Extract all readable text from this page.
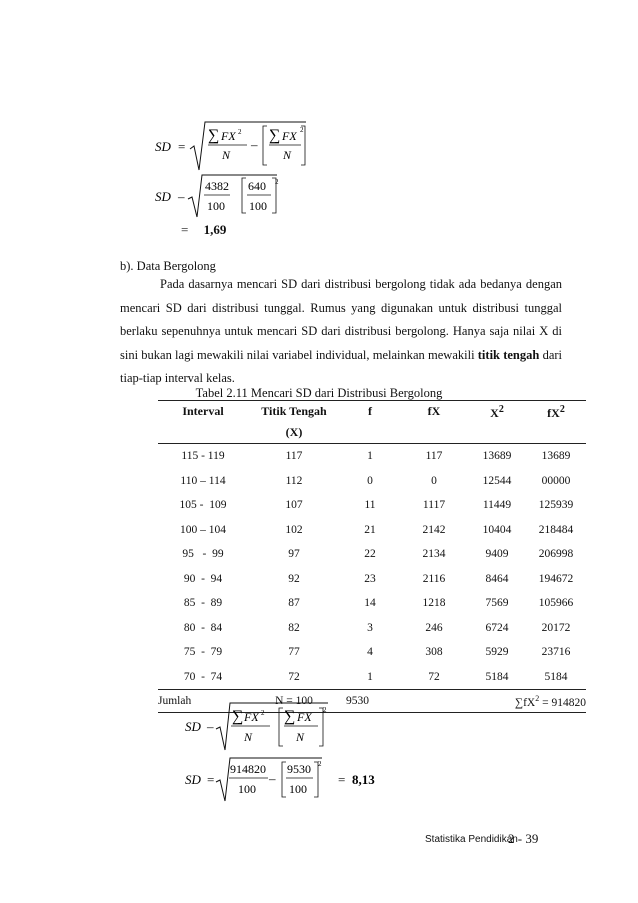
SD =
∑ FX 2
N
–
∑ FX
N
2
SD –
4382
100
640
100
2
= 1,69
b). Data Bergolong

Pada dasarnya mencari SD dari distribusi bergolong tidak ada bedanya dengan mencari SD dari distribusi tunggal. Rumus yang digunakan untuk distribusi tunggal berlaku sepenuhnya untuk mencari SD dari distribusi bergolong. Hanya saja nilai X di sini bukan lagi mewakili nilai variabel individual, melainkan mewakili titik tengah dari tiap-tiap interval kelas.

Tabel 2.11 Mencari SD dari Distribusi Bergolong
Interval	Titik Tengah	f	fX	$X^2$	$fX^2$
	(X)				
115 - 119	117	1	117	13689	13689
110 – 114	112	0	0	12544	00000
105 -  109	107	11	1117	11449	125939
100 – 104	102	21	2142	10404	218484
95   -  99	97	22	2134	9409	206998
90  -  94	92	23	2116	8464	194672
85  -  89	87	14	1218	7569	105966
80  -  84	82	3	246	6724	20172
75  -  79	77	4	308	5929	23716
70  -  74	72	1	72	5184	5184
Jumlah	N = 100	9530		$\sum fX^2 = 914820$	
SD –
∑ FX 2
N
∑ FX
N
2
SD =
914820
100
–
9530
100
2
= 8,13
Statistika Pendidikan
2 - 39
